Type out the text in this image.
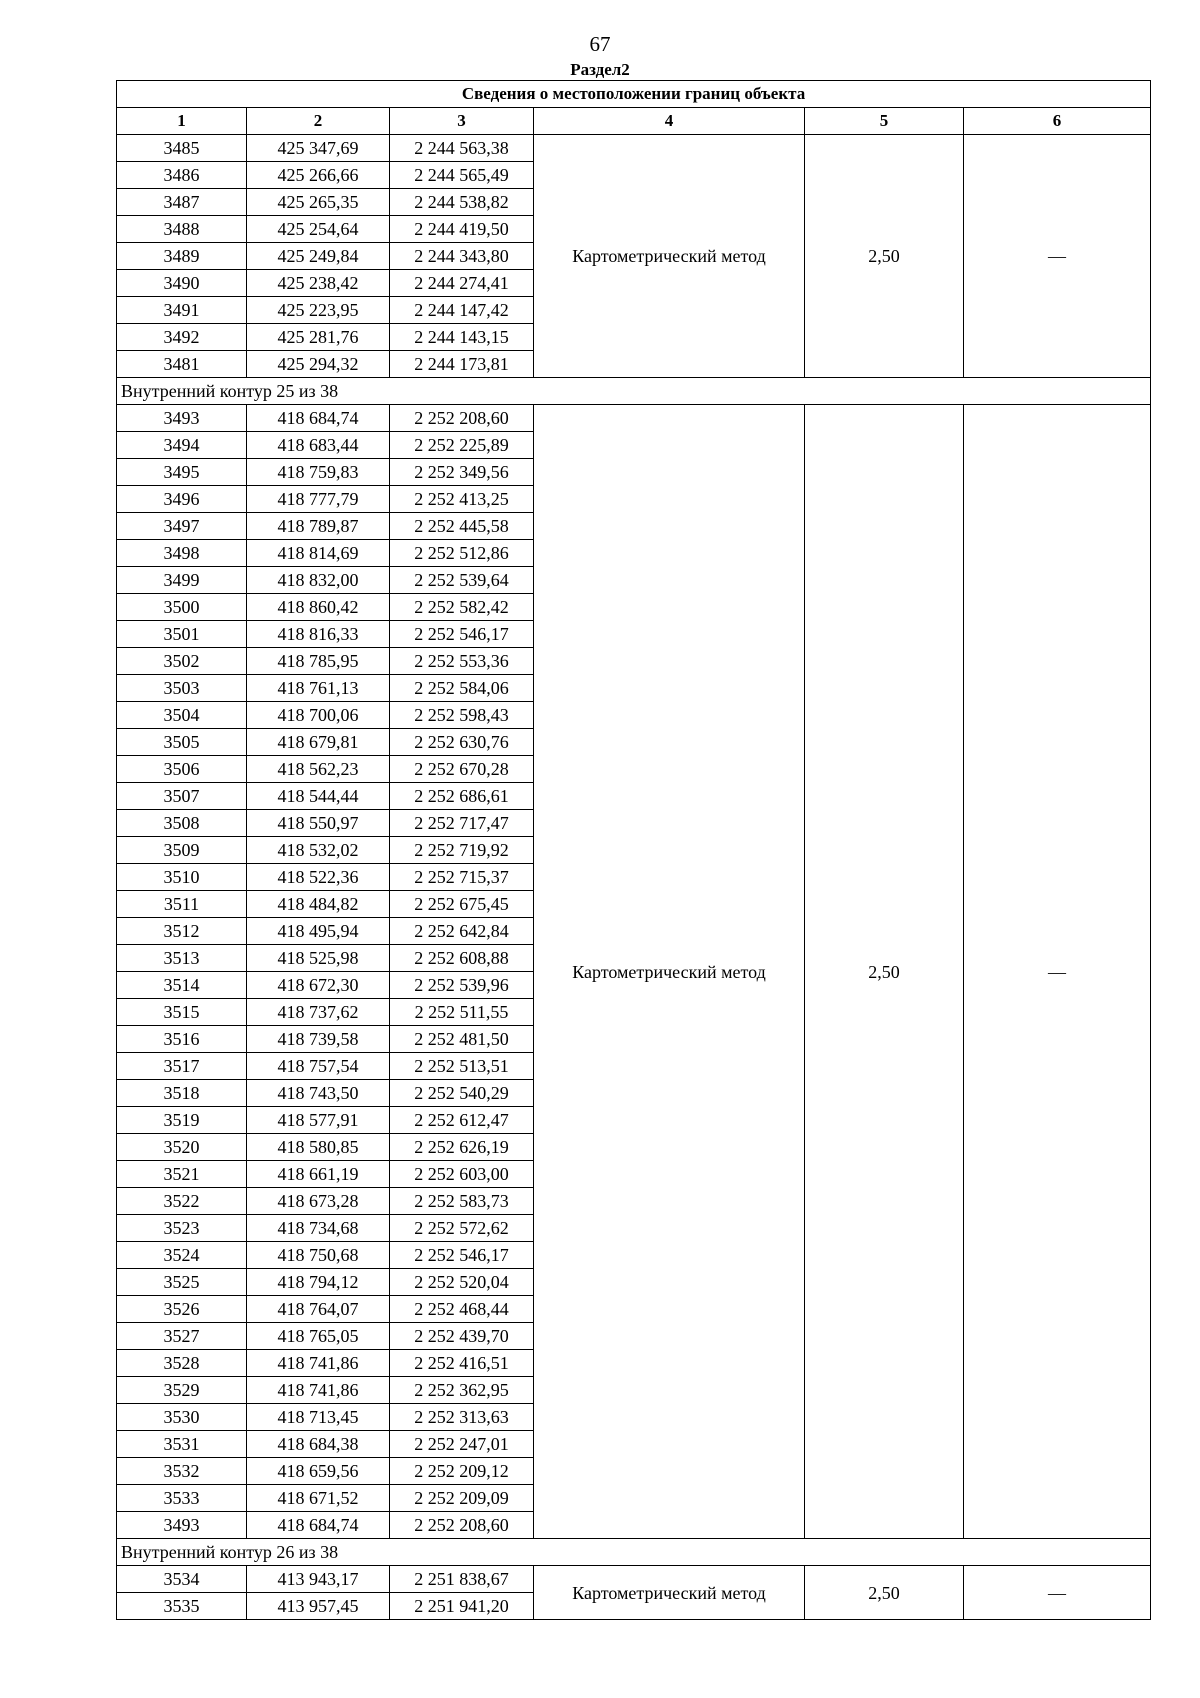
67
Раздел2
Сведения о местоположении границ объекта					
1	2	3	4	5	6
3485	425 347,69	2 244 563,38	Картометрический метод	2,50	—
3486	425 266,66	2 244 565,49			
3487	425 265,35	2 244 538,82			
3488	425 254,64	2 244 419,50			
3489	425 249,84	2 244 343,80			
3490	425 238,42	2 244 274,41			
3491	425 223,95	2 244 147,42			
3492	425 281,76	2 244 143,15			
3481	425 294,32	2 244 173,81			
Внутренний контур 25 из 38					
3493	418 684,74	2 252 208,60	Картометрический метод	2,50	—
3494	418 683,44	2 252 225,89			
3495	418 759,83	2 252 349,56			
3496	418 777,79	2 252 413,25			
3497	418 789,87	2 252 445,58			
3498	418 814,69	2 252 512,86			
3499	418 832,00	2 252 539,64			
3500	418 860,42	2 252 582,42			
3501	418 816,33	2 252 546,17			
3502	418 785,95	2 252 553,36			
3503	418 761,13	2 252 584,06			
3504	418 700,06	2 252 598,43			
3505	418 679,81	2 252 630,76			
3506	418 562,23	2 252 670,28			
3507	418 544,44	2 252 686,61			
3508	418 550,97	2 252 717,47			
3509	418 532,02	2 252 719,92			
3510	418 522,36	2 252 715,37			
3511	418 484,82	2 252 675,45			
3512	418 495,94	2 252 642,84			
3513	418 525,98	2 252 608,88			
3514	418 672,30	2 252 539,96			
3515	418 737,62	2 252 511,55			
3516	418 739,58	2 252 481,50			
3517	418 757,54	2 252 513,51			
3518	418 743,50	2 252 540,29			
3519	418 577,91	2 252 612,47			
3520	418 580,85	2 252 626,19			
3521	418 661,19	2 252 603,00			
3522	418 673,28	2 252 583,73			
3523	418 734,68	2 252 572,62			
3524	418 750,68	2 252 546,17			
3525	418 794,12	2 252 520,04			
3526	418 764,07	2 252 468,44			
3527	418 765,05	2 252 439,70			
3528	418 741,86	2 252 416,51			
3529	418 741,86	2 252 362,95			
3530	418 713,45	2 252 313,63			
3531	418 684,38	2 252 247,01			
3532	418 659,56	2 252 209,12			
3533	418 671,52	2 252 209,09			
3493	418 684,74	2 252 208,60			
Внутренний контур 26 из 38					
3534	413 943,17	2 251 838,67	Картометрический метод	2,50	—
3535	413 957,45	2 251 941,20			
